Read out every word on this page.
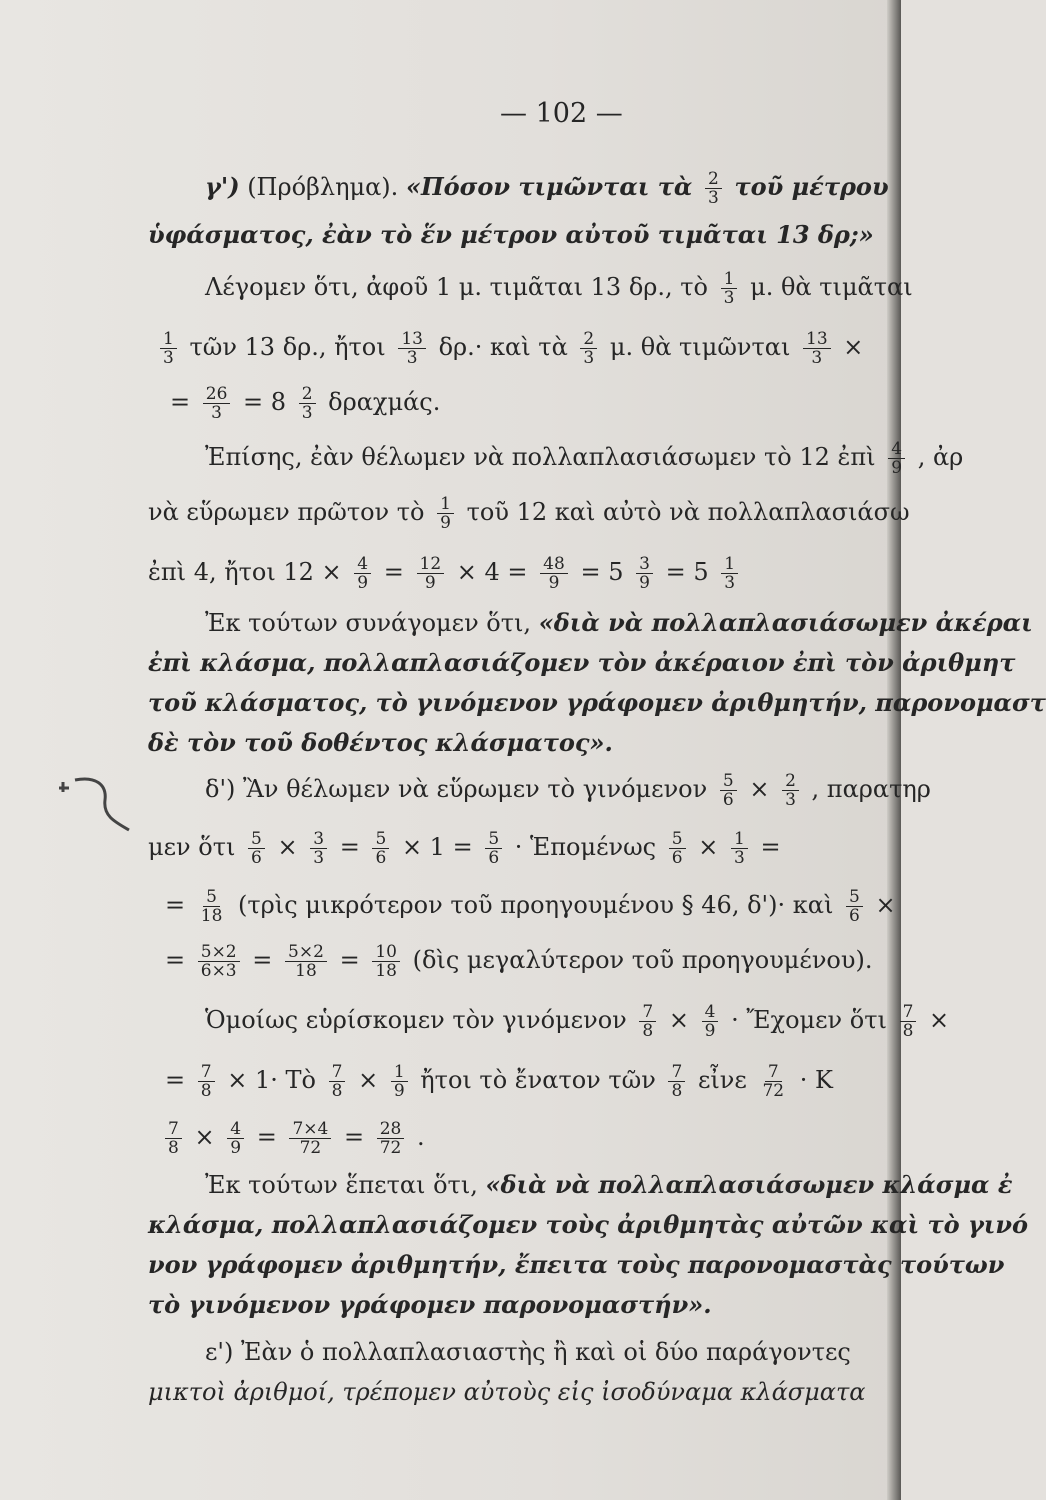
— 102 —
γ') (Πρόβλημα). «Πόσον τιμῶνται τὰ $\frac{2}{3}$ τοῦ μέτρου
ὑφάσματος, ἐὰν τὸ ἕν μέτρον αὐτοῦ τιμᾶται 13 δρ;»
Λέγομεν ὅτι, ἀφοῦ 1 μ. τιμᾶται 13 δρ., τὸ $\frac{1}{3} \mu$. θὰ τιμᾶται
$\frac{1}{3}$ τῶν 13 δρ., ἤτοι $\frac{13}{3} \delta\rho.\cdot$ καὶ τὰ $\frac{2}{3} \mu$. θὰ τιμῶνται $\frac{13}{3}$ ×
= $\frac{26}{3} = 8 \frac{2}{3} \delta\rho\alpha\chi\mu ά\varsigma$.
Ἐπίσης, ἐὰν θέλωμεν νὰ πολλαπλασιάσωμεν τὸ 12 ἐπὶ $\frac{4}{9}$ , ἀρ
νὰ εὕρωμεν πρῶτον τὸ $\frac{1}{9}$ τοῦ 12 καὶ αὐτὸ νὰ πολλαπλασιάσω
ἐπὶ 4, ἤτοι $12 \times \frac{4}{9} = \frac{12}{9} \times 4 = \frac{48}{9} = 5 \frac{3}{9} = 5 \frac{1}{3}$
Ἐκ τούτων συνάγομεν ὅτι, «διὰ νὰ πολλαπλασιάσωμεν ἀκέραι
ἐπὶ κλάσμα, πολλαπλασιάζομεν τὸν ἀκέραιον ἐπὶ τὸν ἀριθμητ
τοῦ κλάσματος, τὸ γινόμενον γράφομεν ἀριθμητήν, παρονομαστ
δὲ τὸν τοῦ δοθέντος κλάσματος».
δ') Ἂν θέλωμεν νὰ εὕρωμεν τὸ γινόμενον $\frac{5}{6} \times \frac{2}{3}$ , παρατηρ
μεν ὅτι $\frac{5}{6} \times \frac{3}{3} = \frac{5}{6} \times 1 = \frac{5}{6}$ · Ἑπομένως $\frac{5}{6} \times \frac{1}{3}$ =
= $\frac{5}{18}$ (τρὶς μικρότερον τοῦ προηγουμένου § 46, δ')· καὶ $\frac{5}{6}$ ×
= $\frac{5\times 2}{6\times 3} = \frac{5\times 2}{18} = \frac{10}{18}$ (δὶς μεγαλύτερον τοῦ προηγουμένου).
Ὁμοίως εὑρίσκομεν τὸν γινόμενον $\frac{7}{8} \times \frac{4}{9}$ · Ἔχομεν ὅτι $\frac{7}{8}$ ×
= $\frac{7}{8} \times 1\cdot$ Τὸ $\frac{7}{8} \times \frac{1}{9}$ ἤτοι τὸ ἔνατον τῶν $\frac{7}{8}$ εἶνε $\frac{7}{72} \cdot K$
$\frac{7}{8} \times \frac{4}{9} = \frac{7\times 4}{72} = \frac{28}{72}$ .
Ἐκ τούτων ἕπεται ὅτι, «διὰ νὰ πολλαπλασιάσωμεν κλάσμα ἐ
κλάσμα, πολλαπλασιάζομεν τοὺς ἀριθμητὰς αὐτῶν καὶ τὸ γινό
νον γράφομεν ἀριθμητήν, ἔπειτα τοὺς παρονομαστὰς τούτων
τὸ γινόμενον γράφομεν παρονομαστήν».
ε') Ἐὰν ὁ πολλαπλασιαστὴς ἢ καὶ οἱ δύο παράγοντες
μικτοὶ ἀριθμοί, τρέπομεν αὐτοὺς εἰς ἰσοδύναμα κλάσματα
